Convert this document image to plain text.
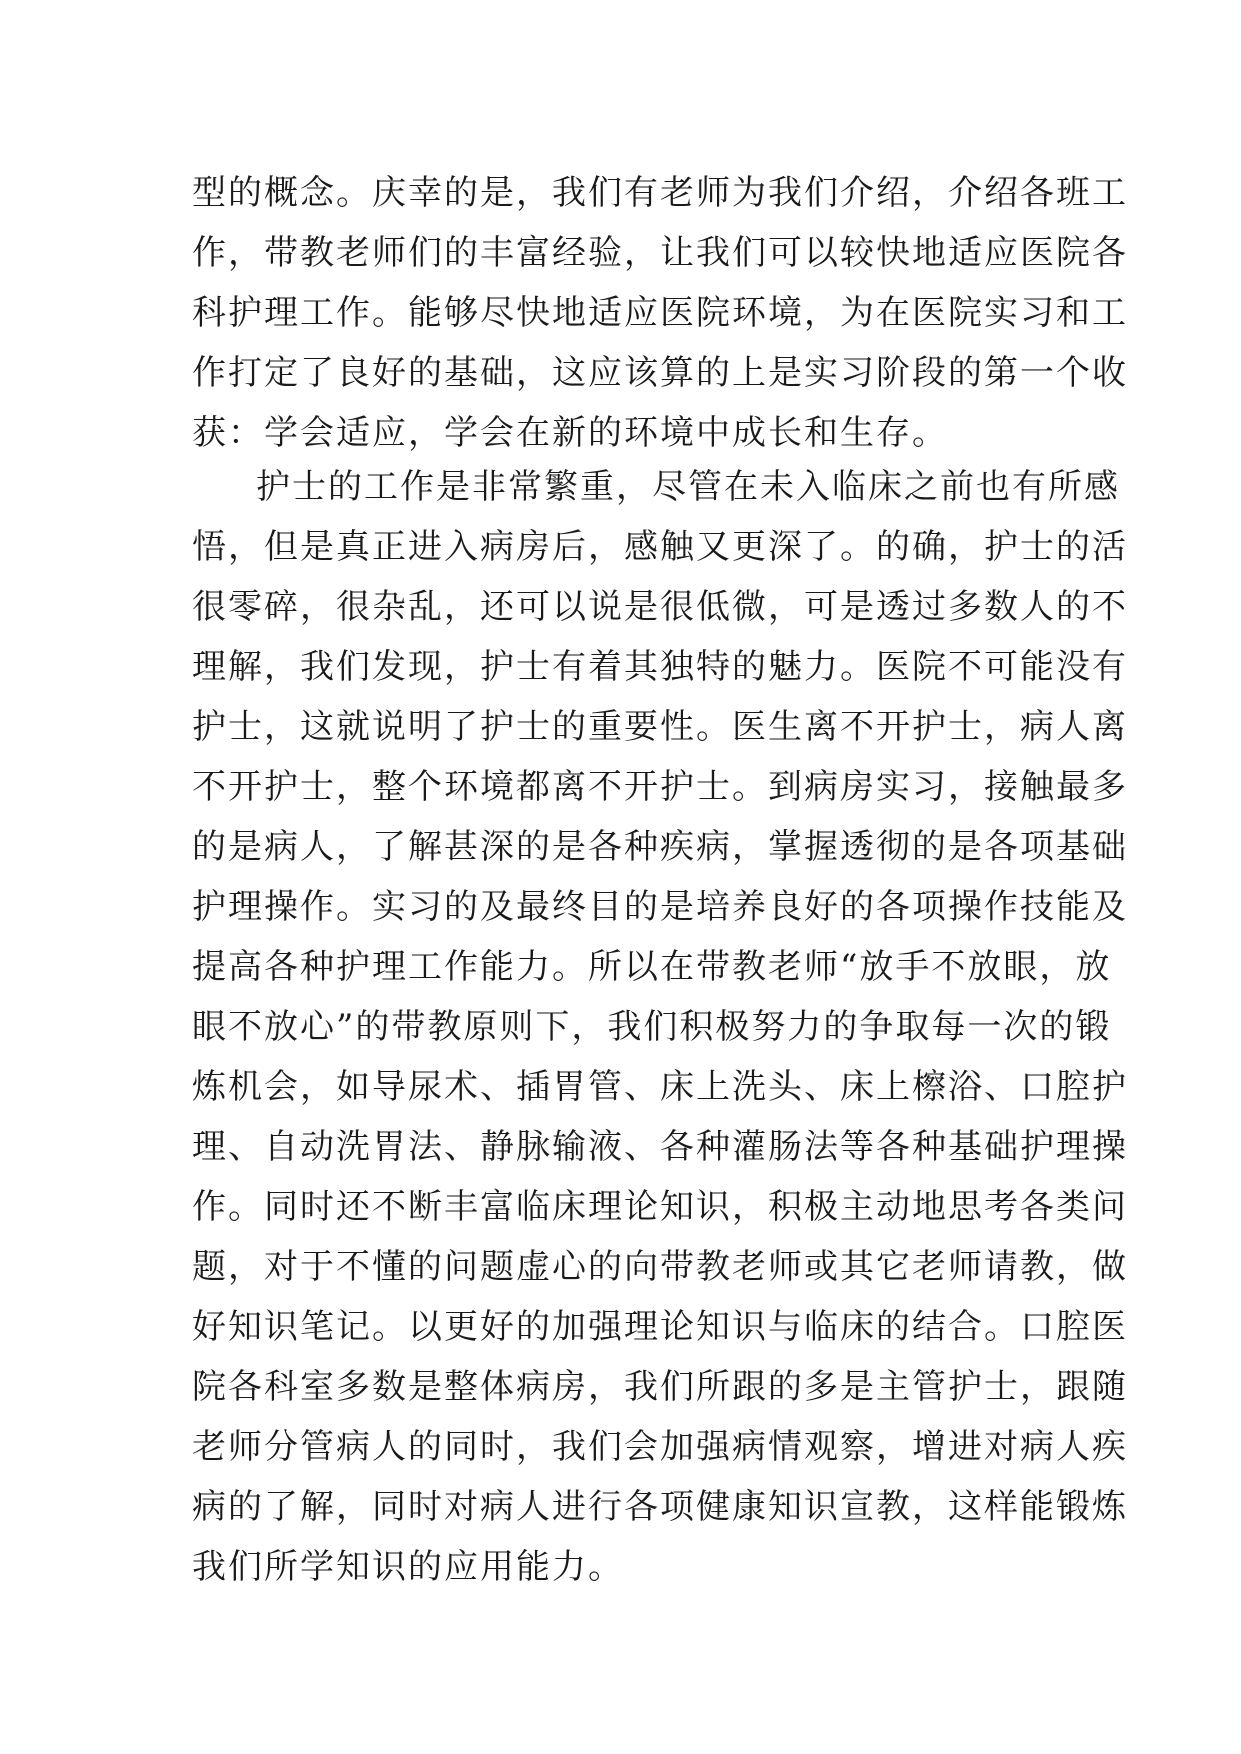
型的概念。庆幸的是，我们有老师为我们介绍，介绍各班工
作，带教老师们的丰富经验，让我们可以较快地适应医院各
科护理工作。能够尽快地适应医院环境，为在医院实习和工
作打定了良好的基础，这应该算的上是实习阶段的第一个收
获：学会适应，学会在新的环境中成长和生存。
护士的工作是非常繁重，尽管在未入临床之前也有所感
悟，但是真正进入病房后，感触又更深了。的确，护士的活
很零碎，很杂乱，还可以说是很低微，可是透过多数人的不
理解，我们发现，护士有着其独特的魅力。医院不可能没有
护士，这就说明了护士的重要性。医生离不开护士，病人离
不开护士，整个环境都离不开护士。到病房实习，接触最多
的是病人，了解甚深的是各种疾病，掌握透彻的是各项基础
护理操作。实习的及最终目的是培养良好的各项操作技能及
提高各种护理工作能力。所以在带教老师“放手不放眼，放
眼不放心”的带教原则下，我们积极努力的争取每一次的锻
炼机会，如导尿术、插胃管、床上洗头、床上檫浴、口腔护
理、自动洗胃法、静脉输液、各种灌肠法等各种基础护理操
作。同时还不断丰富临床理论知识，积极主动地思考各类问
题，对于不懂的问题虚心的向带教老师或其它老师请教，做
好知识笔记。以更好的加强理论知识与临床的结合。口腔医
院各科室多数是整体病房，我们所跟的多是主管护士，跟随
老师分管病人的同时，我们会加强病情观察，增进对病人疾
病的了解，同时对病人进行各项健康知识宣教，这样能锻炼
我们所学知识的应用能力。
